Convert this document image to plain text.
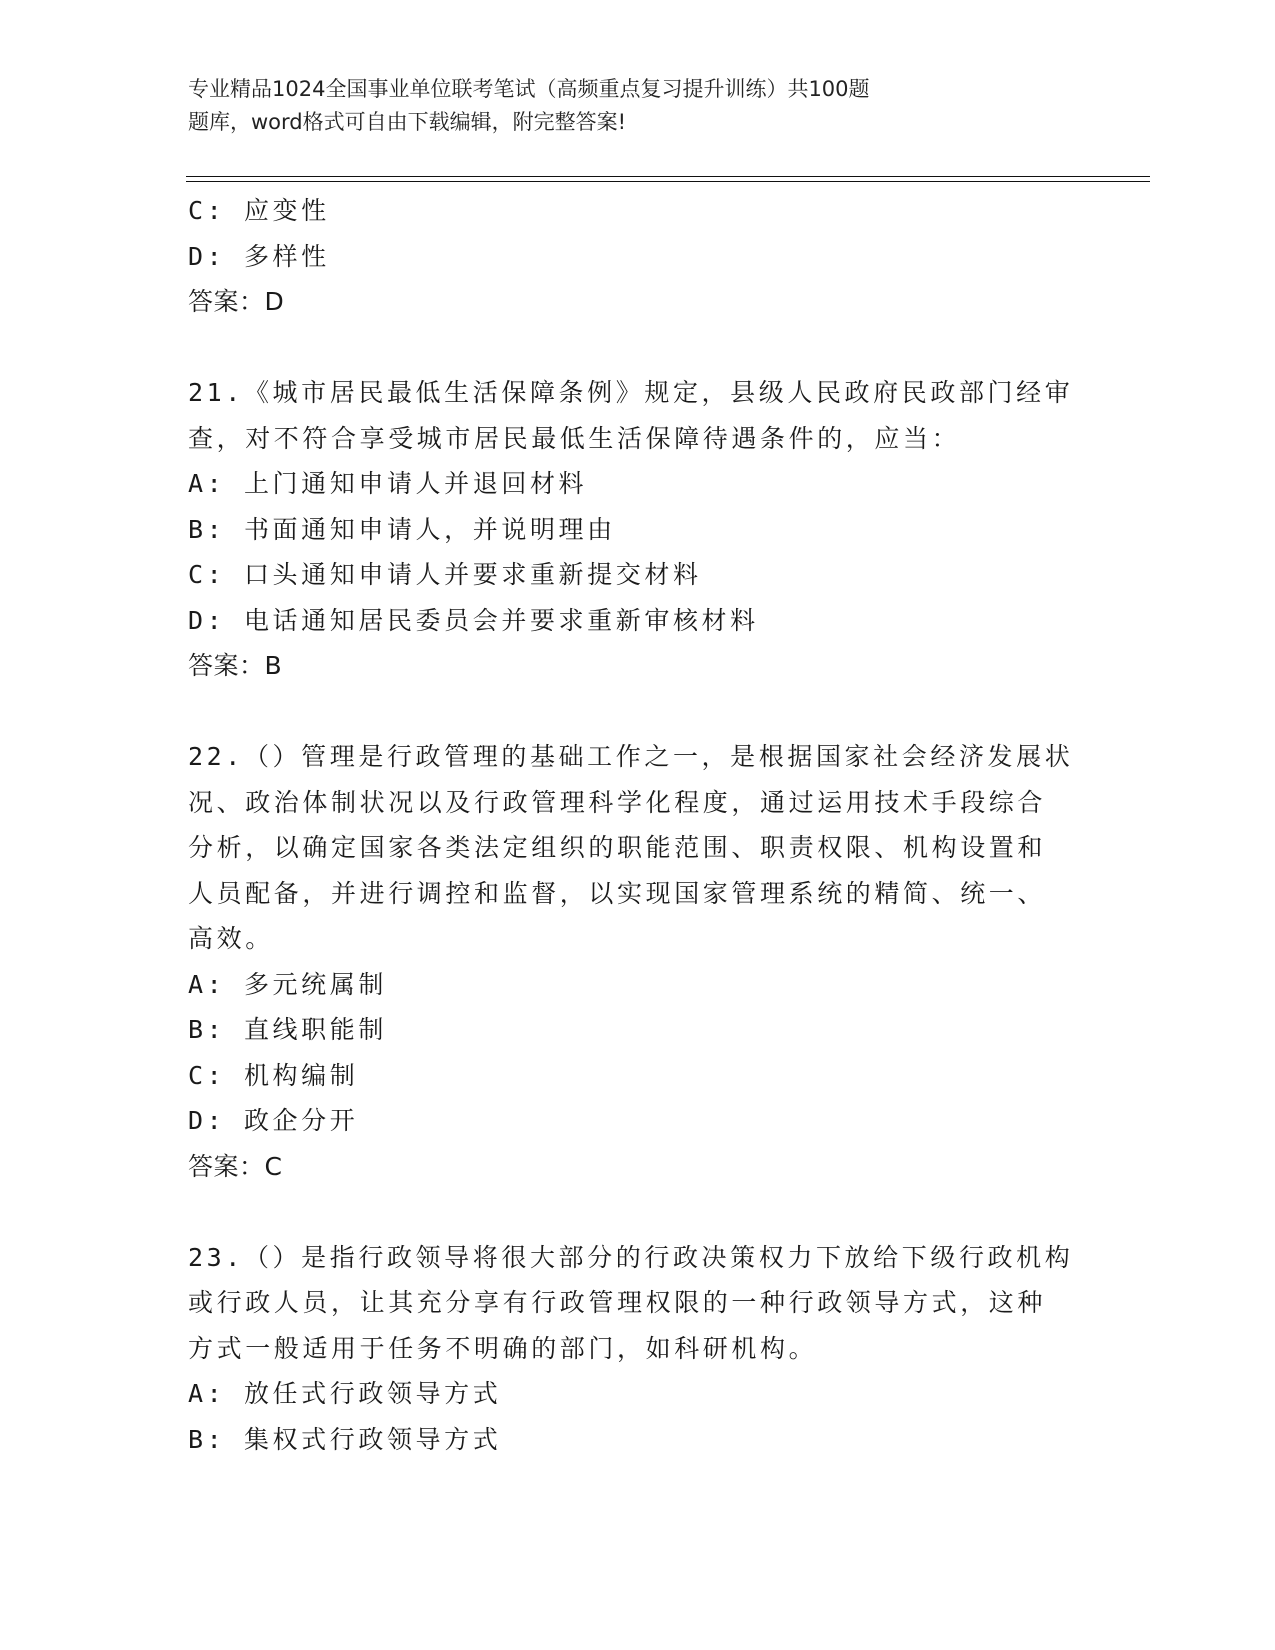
专业精品1024全国事业单位联考笔试（高频重点复习提升训练）共100题
题库，word格式可自由下载编辑，附完整答案!
C: 应变性
D: 多样性
答案：D
21.《城市居民最低生活保障条例》规定，县级人民政府民政部门经审
查，对不符合享受城市居民最低生活保障待遇条件的，应当：
A: 上门通知申请人并退回材料
B: 书面通知申请人，并说明理由
C: 口头通知申请人并要求重新提交材料
D: 电话通知居民委员会并要求重新审核材料
答案：B
22.（）管理是行政管理的基础工作之一，是根据国家社会经济发展状
况、政治体制状况以及行政管理科学化程度，通过运用技术手段综合
分析，以确定国家各类法定组织的职能范围、职责权限、机构设置和
人员配备，并进行调控和监督，以实现国家管理系统的精简、统一、
高效。
A: 多元统属制
B: 直线职能制
C: 机构编制
D: 政企分开
答案：C
23.（）是指行政领导将很大部分的行政决策权力下放给下级行政机构
或行政人员，让其充分享有行政管理权限的一种行政领导方式，这种
方式一般适用于任务不明确的部门，如科研机构。
A: 放任式行政领导方式
B: 集权式行政领导方式
